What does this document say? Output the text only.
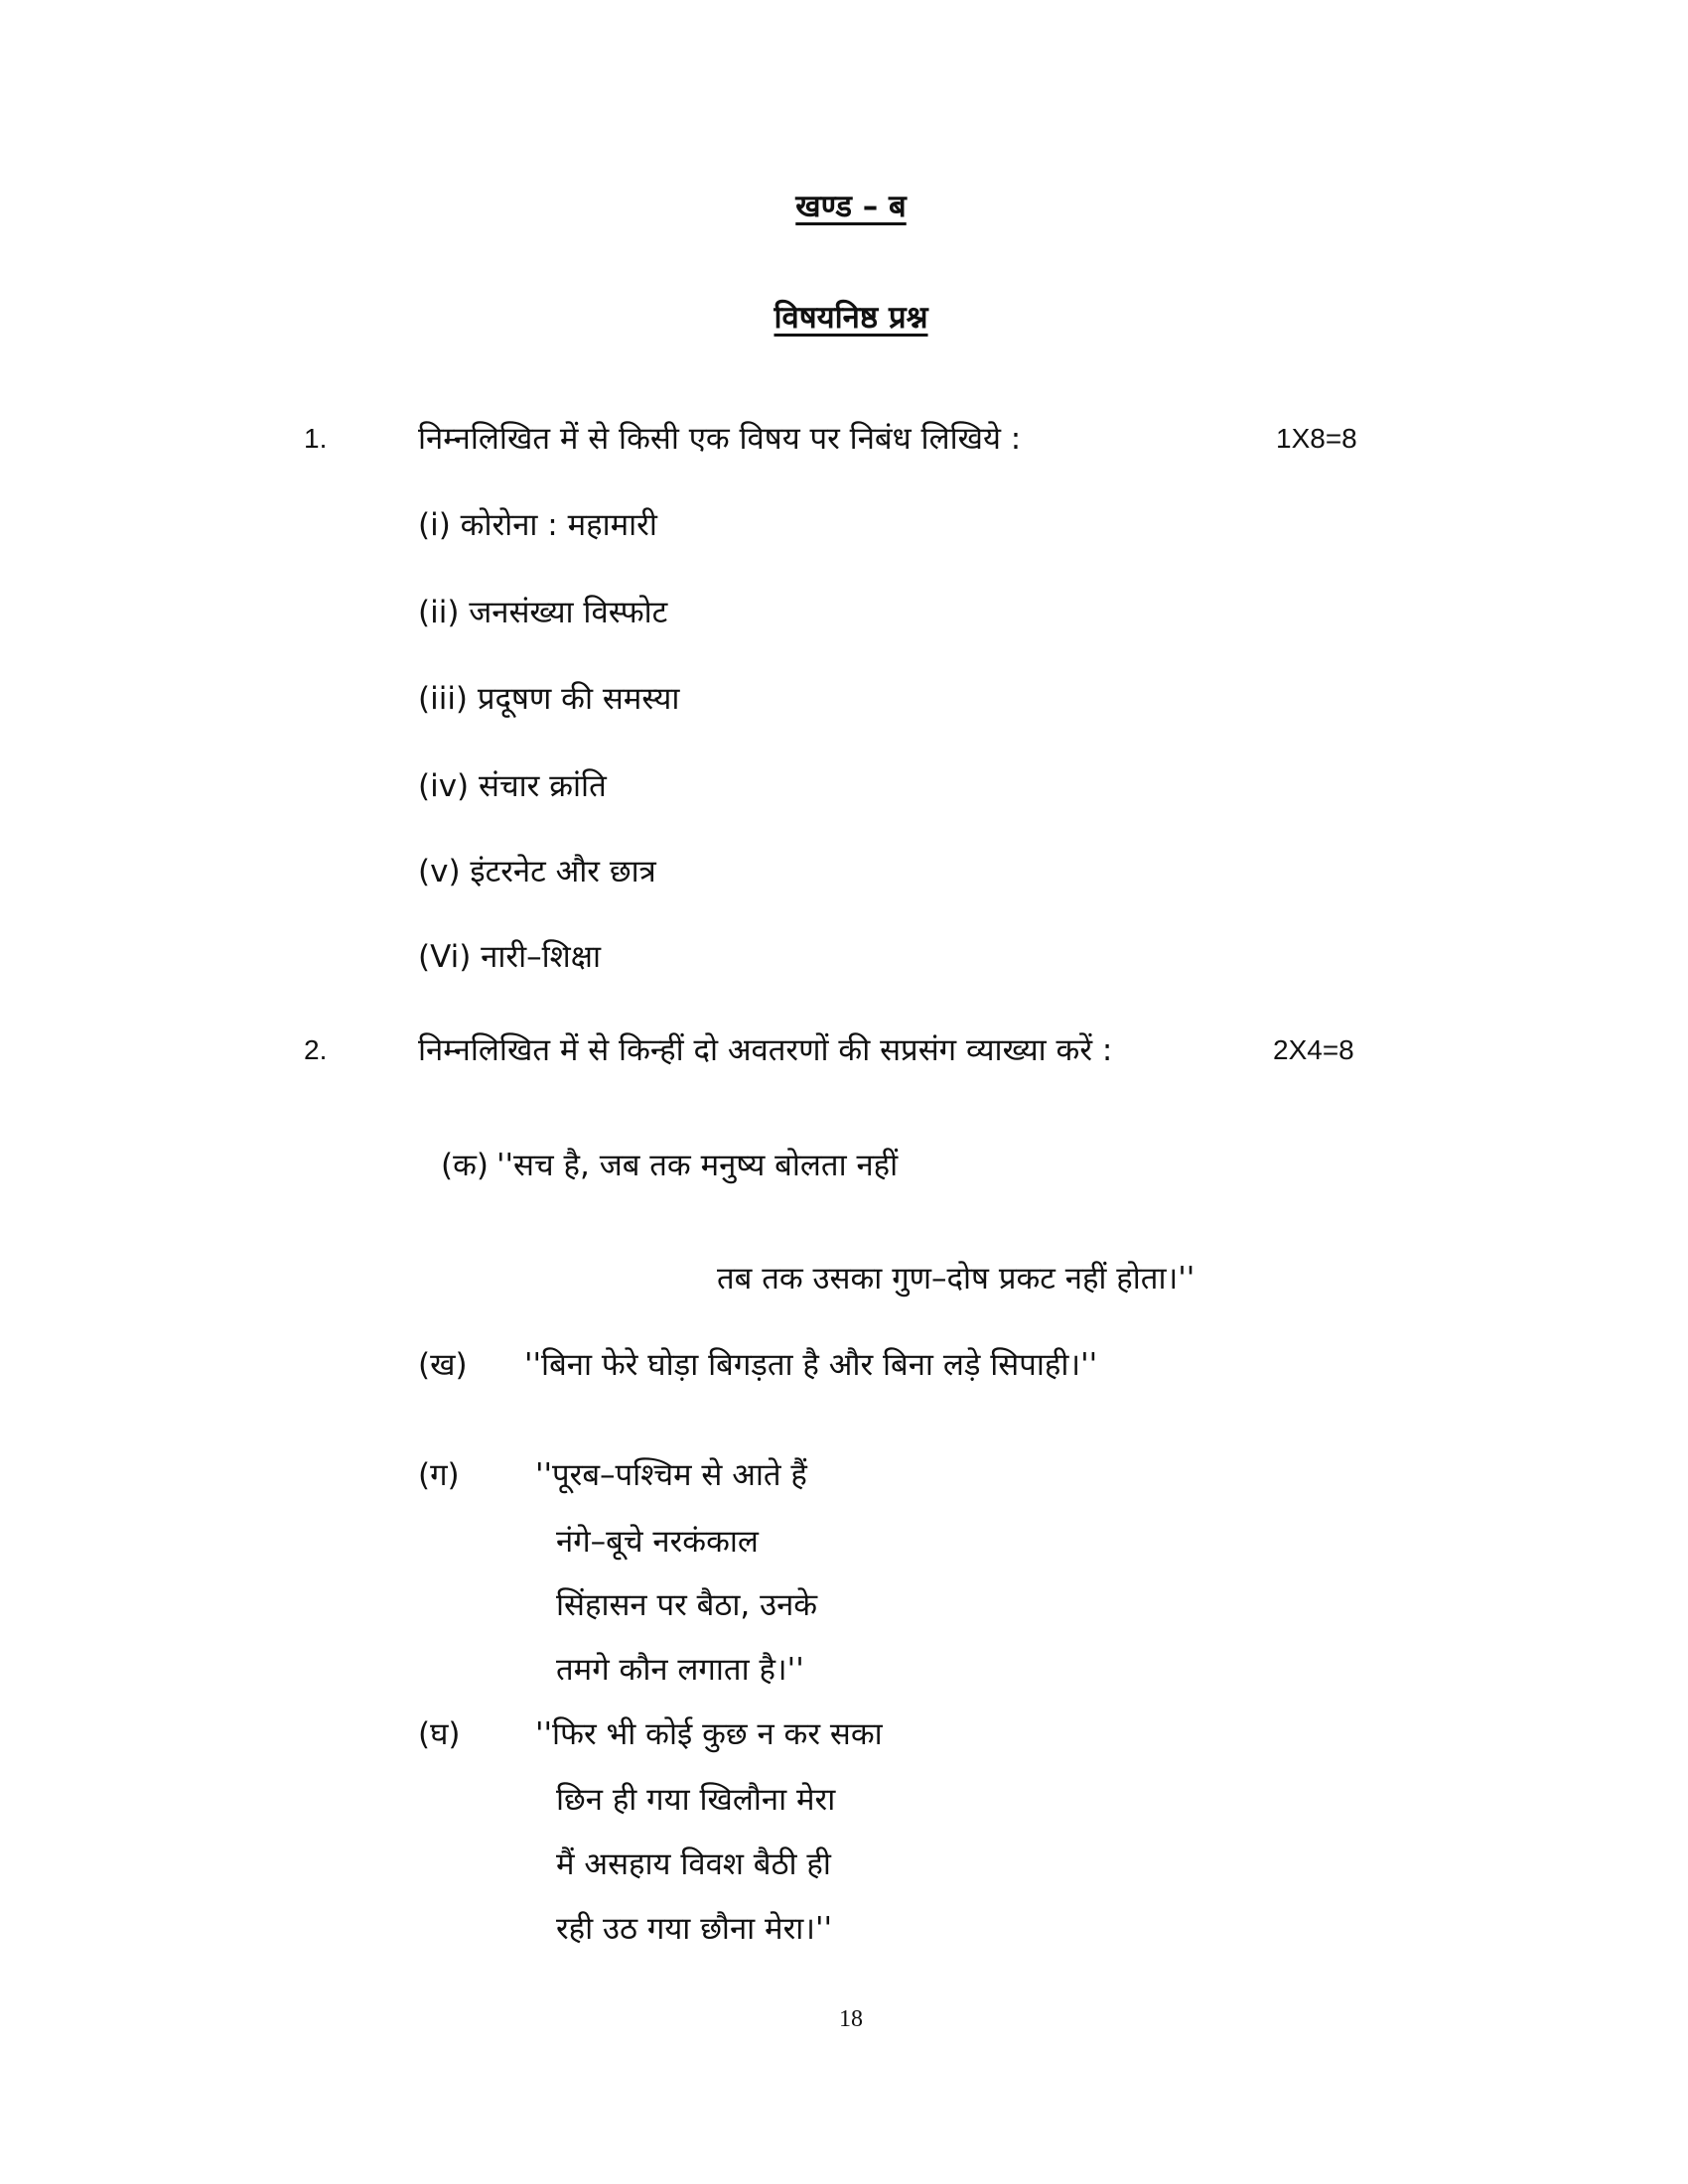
खण्ड – ब
विषयनिष्ठ प्रश्न
1.	निम्नलिखित में से किसी एक विषय पर निबंध लिखिये :	1X8=8
(i) कोरोना : महामारी
(ii) जनसंख्या विस्फोट
(iii) प्रदूषण की समस्या
(iv) संचार क्रांति
(v) इंटरनेट और छात्र
(Vi) नारी–शिक्षा
2.	निम्नलिखित में से किन्हीं दो अवतरणों की सप्रसंग व्याख्या करें :	2X4=8
(क) ''सच है, जब तक मनुष्य बोलता नहीं
तब तक उसका गुण–दोष प्रकट नहीं होता।''
(ख) ''बिना फेरे घोड़ा बिगड़ता है और बिना लड़े सिपाही।''
(ग) ''पूरब–पश्चिम से आते हैं
नंगे–बूचे नरकंकाल
सिंहासन पर बैठा, उनके
तमगे कौन लगाता है।''
(घ) ''फिर भी कोई कुछ न कर सका
छिन ही गया खिलौना मेरा
मैं असहाय विवश बैठी ही
रही उठ गया छौना मेरा।''
18
